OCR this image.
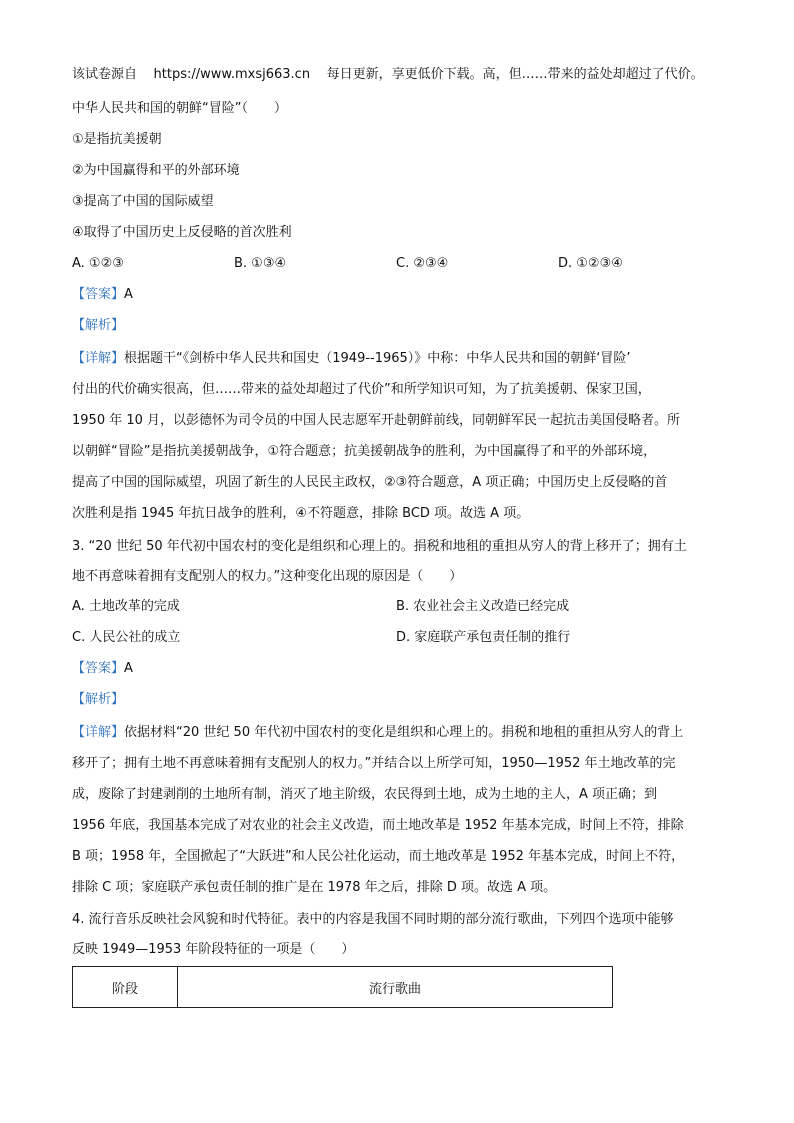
该试卷源自 https://www.mxsj663.cn 每日更新，享更低价下载。高，但……带来的益处却超过了代价。
中华人民共和国的朝鲜“冒险”（　　）
①是指抗美援朝
②为中国赢得和平的外部环境
③提高了中国的国际威望
④取得了中国历史上反侵略的首次胜利
A. ①②③	B. ①③④	C. ②③④	D. ①②③④
【答案】A
【解析】
【详解】根据题干“《剑桥中华人民共和国史（1949--1965）》中称：中华人民共和国的朝鲜‘冒险’
付出的代价确实很高，但……带来的益处却超过了代价”和所学知识可知，为了抗美援朝、保家卫国，
1950 年 10 月，以彭德怀为司令员的中国人民志愿军开赴朝鲜前线，同朝鲜军民一起抗击美国侵略者。所
以朝鲜“冒险”是指抗美援朝战争，①符合题意；抗美援朝战争的胜利，为中国赢得了和平的外部环境，
提高了中国的国际威望，巩固了新生的人民民主政权，②③符合题意，A 项正确；中国历史上反侵略的首
次胜利是指 1945 年抗日战争的胜利，④不符题意，排除 BCD 项。故选 A 项。
3. “20 世纪 50 年代初中国农村的变化是组织和心理上的。捐税和地租的重担从穷人的背上移开了；拥有土
地不再意味着拥有支配别人的权力。”这种变化出现的原因是（　　）
A. 土地改革的完成	B. 农业社会主义改造已经完成
C. 人民公社的成立	D. 家庭联产承包责任制的推行
【答案】A
【解析】
【详解】依据材料“20 世纪 50 年代初中国农村的变化是组织和心理上的。捐税和地租的重担从穷人的背上
移开了；拥有土地不再意味着拥有支配别人的权力。”并结合以上所学可知，1950—1952 年土地改革的完
成，废除了封建剥削的土地所有制，消灭了地主阶级，农民得到土地，成为土地的主人，A 项正确；到
1956 年底，我国基本完成了对农业的社会主义改造，而土地改革是 1952 年基本完成，时间上不符，排除
B 项；1958 年，全国掀起了“大跃进”和人民公社化运动，而土地改革是 1952 年基本完成，时间上不符，
排除 C 项；家庭联产承包责任制的推广是在 1978 年之后，排除 D 项。故选 A 项。
4. 流行音乐反映社会风貌和时代特征。表中的内容是我国不同时期的部分流行歌曲，下列四个选项中能够
反映 1949—1953 年阶段特征的一项是（　　）
阶段	流行歌曲
